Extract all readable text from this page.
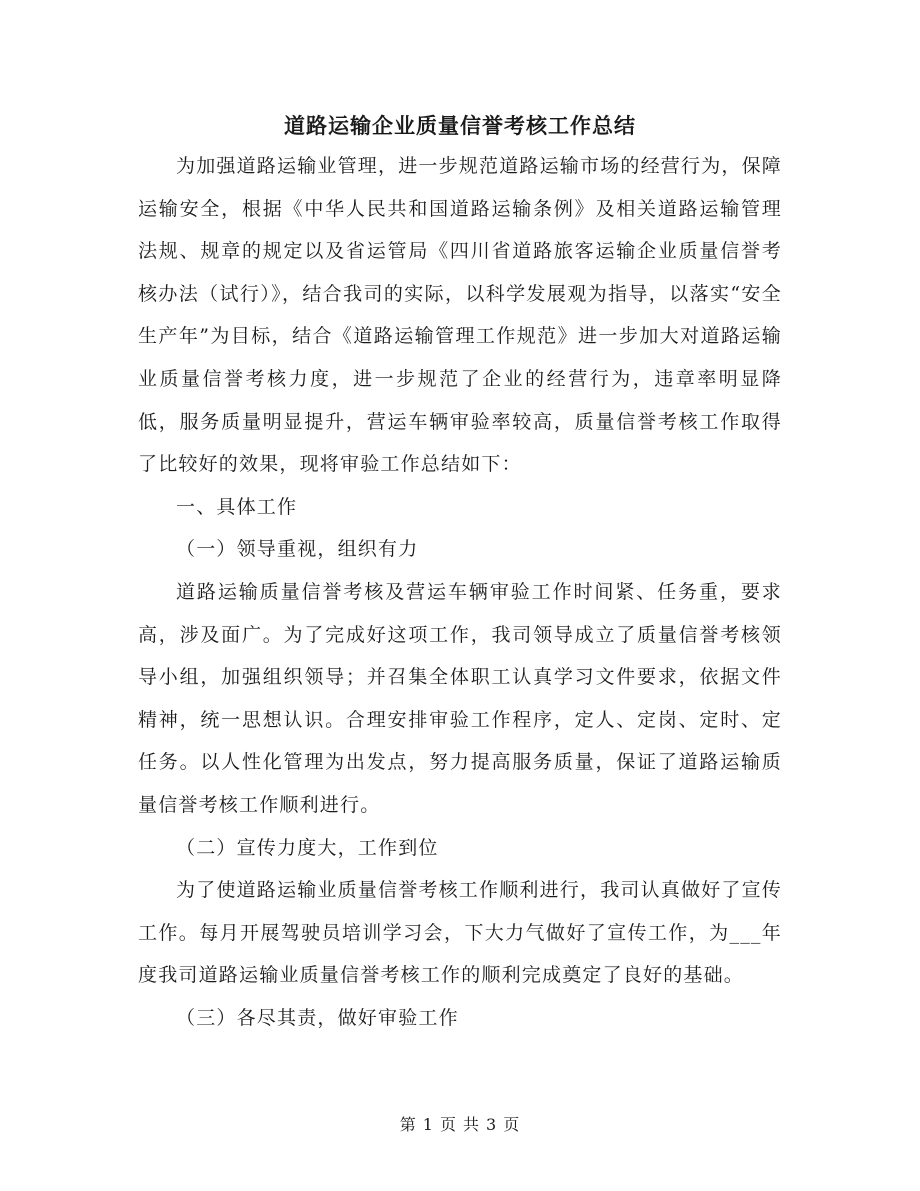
道路运输企业质量信誉考核工作总结

为加强道路运输业管理，进一步规范道路运输市场的经营行为，保障运输安全，根据《中华人民共和国道路运输条例》及相关道路运输管理法规、规章的规定以及省运管局《四川省道路旅客运输企业质量信誉考核办法（试行）》，结合我司的实际，以科学发展观为指导，以落实“安全生产年”为目标，结合《道路运输管理工作规范》进一步加大对道路运输业质量信誉考核力度，进一步规范了企业的经营行为，违章率明显降低，服务质量明显提升，营运车辆审验率较高，质量信誉考核工作取得了比较好的效果，现将审验工作总结如下：

一、具体工作

（一）领导重视，组织有力

道路运输质量信誉考核及营运车辆审验工作时间紧、任务重，要求高，涉及面广。为了完成好这项工作，我司领导成立了质量信誉考核领导小组，加强组织领导；并召集全体职工认真学习文件要求，依据文件精神，统一思想认识。合理安排审验工作程序，定人、定岗、定时、定任务。以人性化管理为出发点，努力提高服务质量，保证了道路运输质量信誉考核工作顺利进行。

（二）宣传力度大，工作到位

为了使道路运输业质量信誉考核工作顺利进行，我司认真做好了宣传工作。每月开展驾驶员培训学习会，下大力气做好了宣传工作，为___年度我司道路运输业质量信誉考核工作的顺利完成奠定了良好的基础。

（三）各尽其责，做好审验工作

第 1 页 共 3 页
